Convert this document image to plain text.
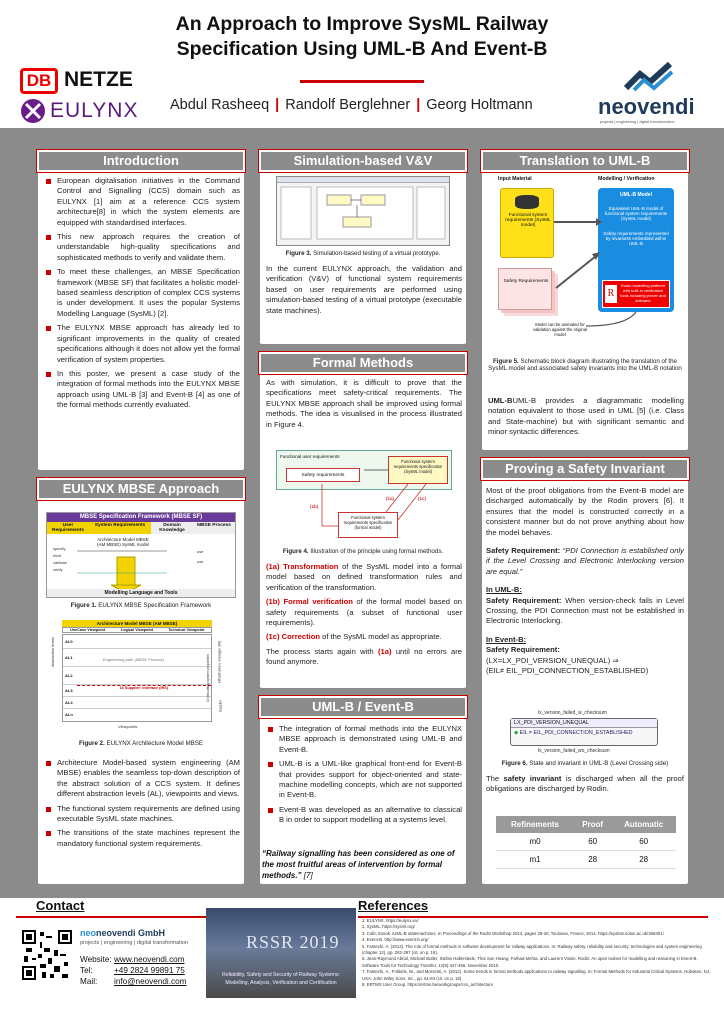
An Approach to Improve SysML Railway
Specification Using UML-B And Event-B
DB NETZE
EULYNX Abdul Rasheeq | Randolf Berglehner | Georg Holtmann	neovendi
projects | engineering | digital transformation
Introduction
European digitalisation initiatives in the Command Control and Signalling (CCS) domain such as EULYNX [1] aim at a reference CCS system architecture[8] in which the system elements are equipped with standardised interfaces.
This new approach requires the creation of understandable high-quality specifications and sophisticated methods to verify and validate them.
To meet these challenges, an MBSE Specification framework (MBSE SF) that facilitates a holistic model-based seamless description of complex CCS systems is under development. It uses the popular Systems Modelling Language (SysML) [2].
The EULYNX MBSE approach has already led to significant improvements in the quality of created specifications although it does not allow yet the formal verification of system properties.
In this poster, we present a case study of the integration of formal methods into the EULYNX MBSE approach using UML-B [3] and Event-B [4] as one of the formal methods currently evaluated.
EULYNX MBSE Approach
MBSE Specification Framework (MBSE SF)
User Requirements
System Requirements	Domain Knowledge
MBSE Process
Architecture Model MBSE (AM MBSE) SysML model
specify
elicit
validate
verify
use
use
Modelling Language and Tools
Figure 1. EULYNX MBSE Specification Framework
Abstraction levels
Architecture Model MBSE (AM MBSE)
UseCase Viewpoint	Logical Viewpoint	Technical Viewpoint
AL0
AL1
AL2
AL3
AL4
ALn
Engineering path (MBSE Process)
DI Supplier: Interface (IRS)	Crosscutting system properties Infrastructure manager (IM)
Supplier
Viewpoints
Figure 2. EULYNX Architecture Model MBSE
Architecture Model-based system engineering (AM MBSE) enables the seamless top-down description of the abstract solution of a CCS system. It defines different abstraction levels (AL), viewpoints and views.
The functional system requirements are defined using executable SysML state machines.
The transitions of the state machines represent the mandatory functional system requirements.
Simulation-based V&V
Figure 3. Simulation-based testing of a virtual prototype.
In the current EULYNX approach, the validation and verification (V&V) of functional system requirements based on user requirements are performed using simulation-based testing of a virtual prototype (executable state machines).
Formal Methods
As with simulation, it is difficult to prove that the specifications meet safety-critical requirements. The EULYNX MBSE approach shall be improved using formal methods. The idea is visualised in the process illustrated in Figure 4.
Functional user requirements
Safety requirements
Functional system requirements specification (SysML model)
Functional system requirements specification (formal model)
(1a)	(1c)
(1b)
Figure 4. Illustration of the principle using formal methods.

(1a) Transformation of the SysML model into a formal model based on defined transformation rules and verification of the transformation.

(1b) Formal verification of the formal model based on safety requirements (a subset of functional user requirements).

(1c) Correction of the SysML model as appropriate.

The process starts again with (1a) until no errors are found anymore.

UML-B / Event-B
The integration of formal methods into the EULYNX MBSE approach is demonstrated using UML-B and Event-B.
UML-B is a UML-like graphical front-end for Event-B that provides support for object-oriented and state-machine modelling concepts, which are not supported in Event-B.
Event-B was developed as an alternative to classical B in order to support modelling at a systems level.
“Railway signalling has been considered as one of the most fruitful areas of intervention by formal methods.” [7]
Translation to UML-B
Input Material	Modelling / Verification
Functional system requirements (SysML model)
Safety Requirements
UML-B Model
Equivalent UML-B model of functional system requirements (SysML model)
Safety requirements represented by invariants embedded within UML-B
R
Rodin modelling platform with built-in verification tools including prover and animator
Model can be animated for validation against the original model
Figure 5. Schematic block diagram illustrating the translation of the SysML model and associated safety invariants into the UML-B notation
UML-BUML-B provides a diagrammatic modelling notation equivalent to those used in UML [5] (i.e. Class and State-machine) but with significant semantic and minor syntactic differences.
Proving a Safety Invariant

Most of the proof obligations from the Event-B model are discharged automatically by the Rodin provers [6]. It ensures that the model is constructed correctly in a consistent manner but do not prove anything about how the model behaves.

Safety Requirement: “PDI Connection is established only if the Level Crossing and Electronic Interlocking version are equal.”

In UML-B:

Safety Requirement: When version-check fails in Level Crossing, the PDI Connection must not be established in Electronic Interlocking.

In Event-B:

Safety Requirement:

(LX=LX_PDI_VERSION_UNEQUAL) ⇒

(EIL≠ EIL_PDI_CONNECTION_ESTABLISHED)

lx_version_failed_w_checksum
LX_PDI_VERSION_UNEQUAL
◆ EIL ≠ EIL_PDI_CONNECTION_ESTABLISHED
lx_version_failed_wo_checksum
Figure 6. State and invariant in UML-B (Level Crossing side)
The safety invariant is discharged when all the proof obligations are discharged by Rodin.
Refinements	Proof	Automatic
m0	60	60
m1	28	28
Contact
neoneovendi GmbH
projects | engineering | digital transformation
Website: www.neovendi.com
Tel:	+49 2824 99891 75
Mail: info@neovendi.com
RSSR 2019
Reliability, Safety and Security of Railway Systems:
Modelling, Analysis, Verification and Certification
References
1. EULYNX. https://eulynx.eu/
2. SysML. https://sysml.org/
3. Colin Snook. iUML-B statemachines. In Proceedings of the Rodin Workshop 2014, pages 29-30, Toulouse, France, 2014. https://eprints.soton.ac.uk/365301/
4. Event-B. http://www.event-b.org/
5. Fantechi, A. (2013). The role of formal methods in software development for railway applications. In: Railway safety, reliability and security: technologies and system engineering (chapter 12), pp. 282-297 (cit. on p. 18).
6. Jean-Raymond Abrial, Michael Butler, Stefan Hallerstede, Thai Son Hoang, Farhad Mehta, and Laurent Voisin. Rodin: An open toolset for modelling and reasoning in Event-B. Software Tools for Technology Transfer, 12(6):447-466, November 2010.
7. Fantechi, A., Fokkink, W., and Morzenti, A. (2012). Some trends in formal methods applications to railway signalling. In: Formal Methods for Industrial Critical Systems. Hoboken, NJ, USA: John Wiley Sons, Inc., pp. 61-84 (cit. on p. 18).
8. ERTMS User Group. https://ertms.be/workgroups/ccs_architecture
